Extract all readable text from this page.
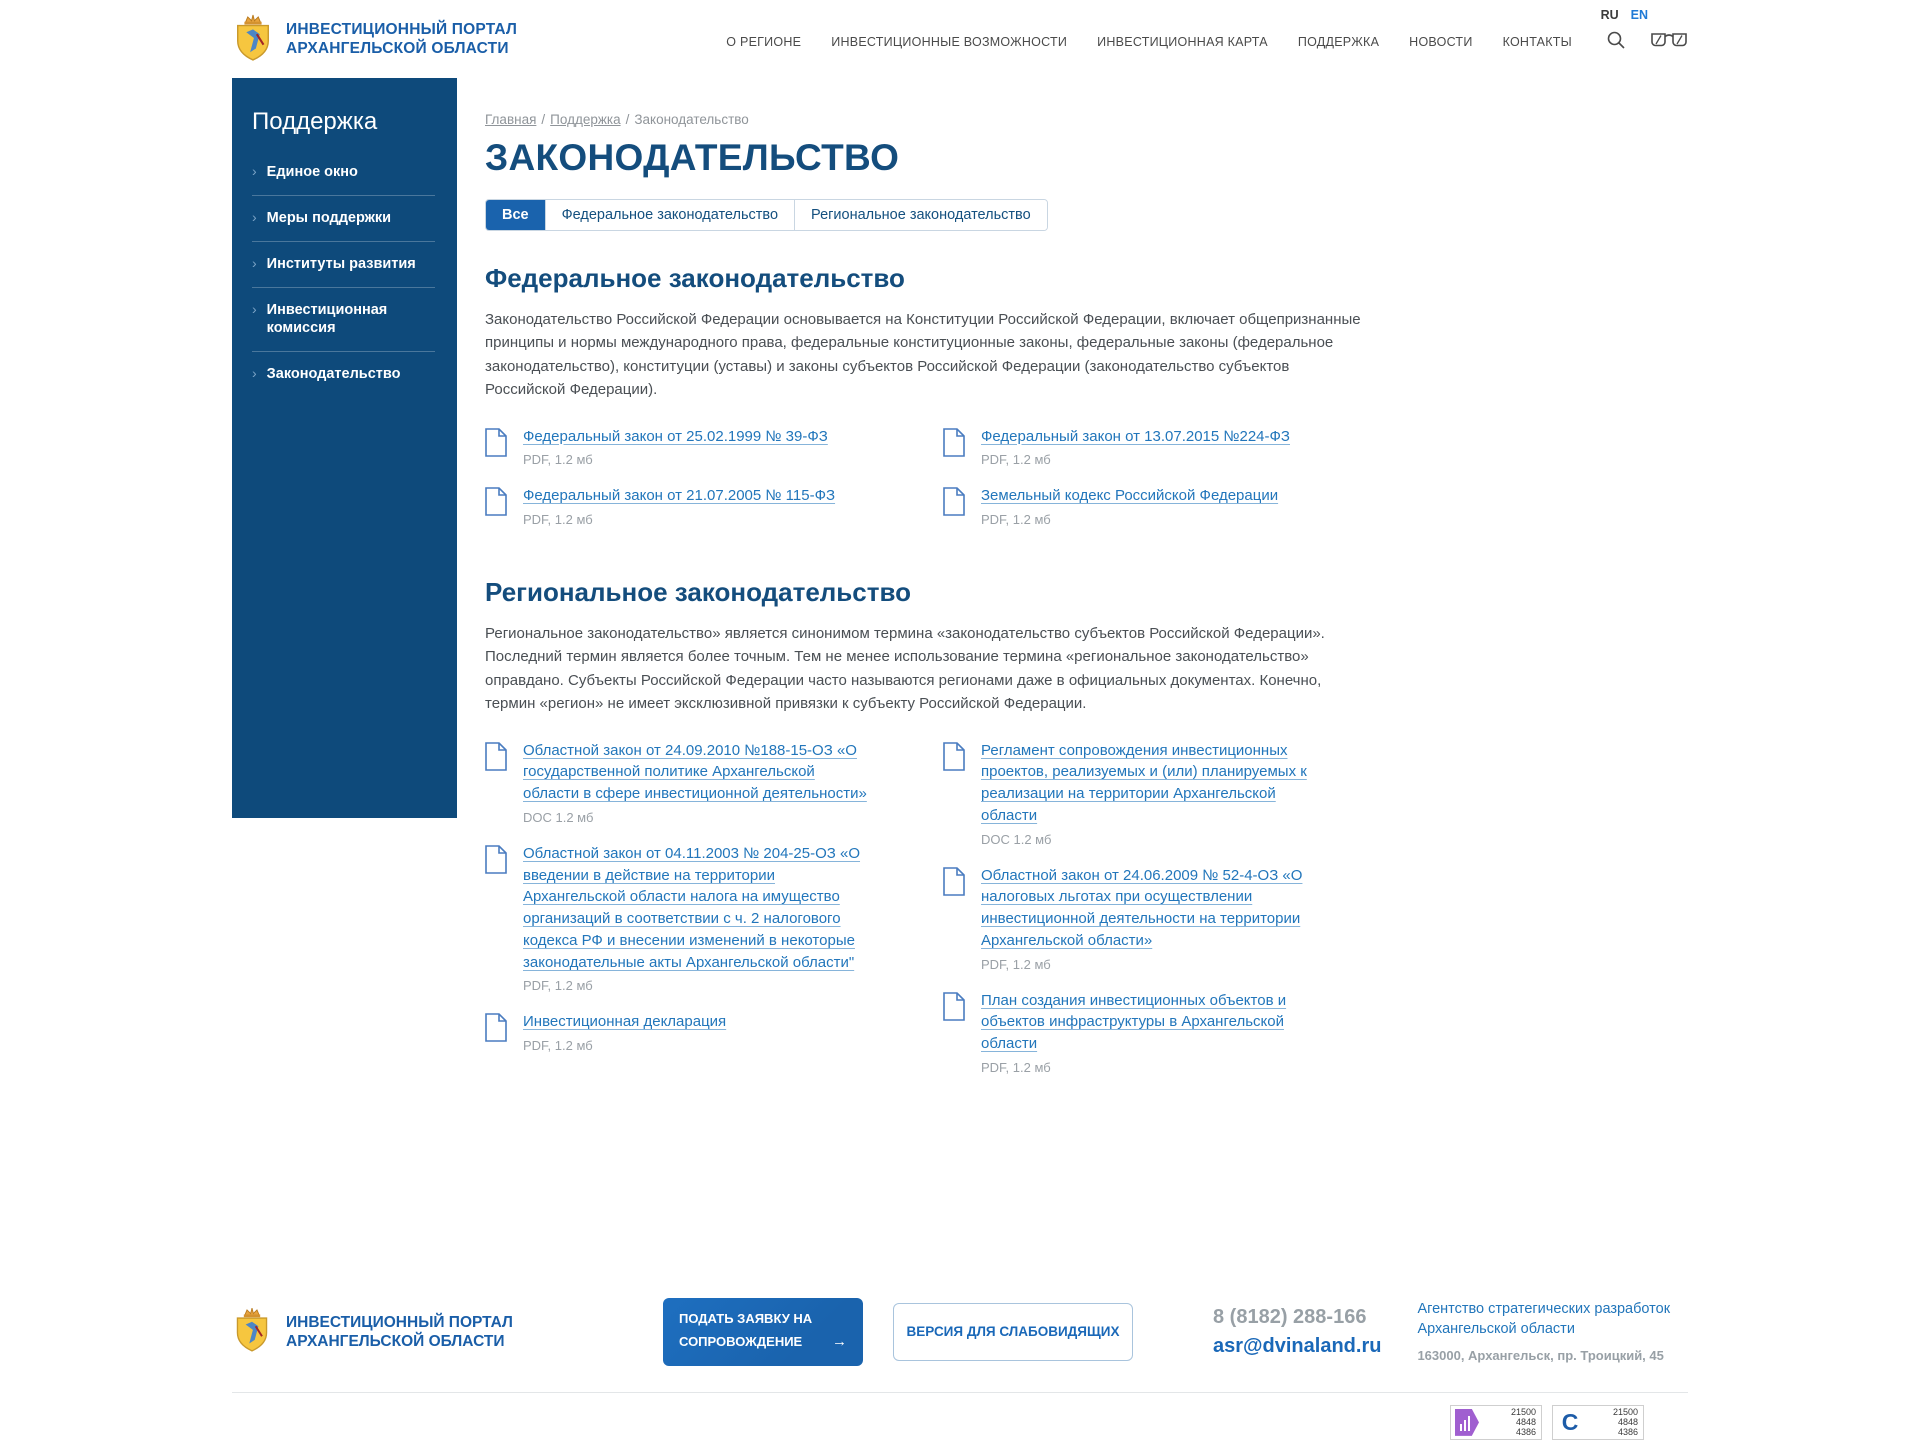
ИНВЕСТИЦИОННЫЙ ПОРТАЛ
АРХАНГЕЛЬСКОЙ ОБЛАСТИ	О РЕГИОНЕ ИНВЕСТИЦИОННЫЕ ВОЗМОЖНОСТИ ИНВЕСТИЦИОННАЯ КАРТА ПОДДЕРЖКА НОВОСТИ КОНТАКТЫ
RU EN
Поддержка
› Единое окно
› Меры поддержки
› Институты развития
› Инвестиционная комиссия
› Законодательство
Главная / Поддержка / Законодательство
ЗАКОНОДАТЕЛЬСТВО
Все	Федеральное законодательство	Региональное законодательство
Федеральное законодательство

Законодательство Российской Федерации основывается на Конституции Российской Федерации, включает общепризнанные принципы и нормы международного права, федеральные конституционные законы, федеральные законы (федеральное законодательство), конституции (уставы) и законы субъектов Российской Федерации (законодательство субъектов Российской Федерации).

Федеральный закон от 25.02.1999 № 39-ФЗ
PDF, 1.2 мб
Федеральный закон от 21.07.2005 № 115-ФЗ
PDF, 1.2 мб
Федеральный закон от 13.07.2015 №224-ФЗ
PDF, 1.2 мб
Земельный кодекс Российской Федерации
PDF, 1.2 мб
Региональное законодательство

Региональное законодательство» является синонимом термина «законодательство субъектов Российской Федерации». Последний термин является более точным. Тем не менее использование термина «региональное законодательство» оправдано. Субъекты Российской Федерации часто называются регионами даже в официальных документах. Конечно, термин «регион» не имеет эксклюзивной привязки к субъекту Российской Федерации.

Областной закон от 24.09.2010 №188-15-ОЗ «О государственной политике Архангельской области в сфере инвестиционной деятельности»
DOC 1.2 мб
Областной закон от 04.11.2003 № 204-25-ОЗ «О введении в действие на территории Архангельской области налога на имущество организаций в соответствии с ч. 2 налогового кодекса РФ и внесении изменений в некоторые законодательные акты Архангельской области"
PDF, 1.2 мб
Инвестиционная декларация
PDF, 1.2 мб
Регламент сопровождения инвестиционных проектов, реализуемых и (или) планируемых к реализации на территории Архангельской области
DOC 1.2 мб
Областной закон от 24.06.2009 № 52-4-ОЗ «О налоговых льготах при осуществлении инвестиционной деятельности на территории Архангельской области»
PDF, 1.2 мб
План создания инвестиционных объектов и объектов инфраструктуры в Архангельской области
PDF, 1.2 мб
ИНВЕСТИЦИОННЫЙ ПОРТАЛ
АРХАНГЕЛЬСКОЙ ОБЛАСТИ
ПОДАТЬ ЗАЯВКУ НА
СОПРОВОЖДЕНИЕ →
ВЕРСИЯ ДЛЯ СЛАБОВИДЯЩИХ
8 (8182) 288-166
asr@dvinaland.ru
Агентство стратегических разработок
Архангельской области
163000, Архангельск, пр. Троицкий, 45
21500
4848
4386 C	21500
4848
4386
